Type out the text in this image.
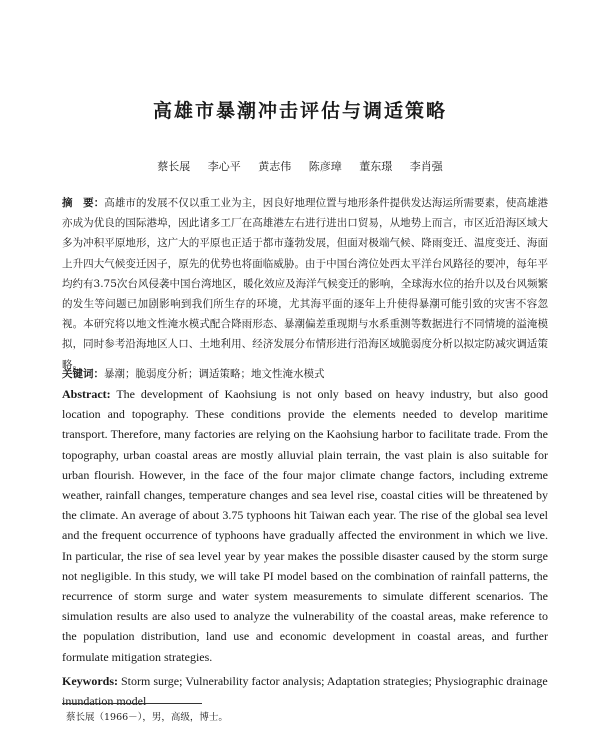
高雄市暴潮冲击评估与调适策略
蔡长展 李心平 黄志伟 陈彦璋 董东璟 李肖强
摘　要：高雄市的发展不仅以重工业为主，因良好地理位置与地形条件提供发达海运所需要素，使高雄港亦成为优良的国际港埠，因此诸多工厂在高雄港左右进行进出口贸易，从地势上而言，市区近沿海区域大多为冲积平原地形，这广大的平原也正适于都市蓬勃发展，但面对极端气候、降雨变迁、温度变迁、海面上升四大气候变迁因子，原先的优势也将面临威胁。由于中国台湾位处西太平洋台风路径的要冲，每年平均约有3.75次台风侵袭中国台湾地区，暖化效应及海洋气候变迁的影响，全球海水位的抬升以及台风频繁的发生等问题已加剧影响到我们所生存的环境，尤其海平面的逐年上升使得暴潮可能引致的灾害不容忽视。本研究将以地文性淹水模式配合降雨形态、暴潮偏差重现期与水系重测等数据进行不同情境的溢淹模拟，同时参考沿海地区人口、土地利用、经济发展分布情形进行沿海区域脆弱度分析以拟定防减灾调适策略。
关键词：暴潮；脆弱度分析；调适策略；地文性淹水模式
Abstract: The development of Kaohsiung is not only based on heavy industry, but also good location and topography. These conditions provide the elements needed to develop maritime transport. Therefore, many factories are relying on the Kaohsiung harbor to facilitate trade. From the topography, urban coastal areas are mostly alluvial plain terrain, the vast plain is also suitable for urban flourish. However, in the face of the four major climate change factors, including extreme weather, rainfall changes, temperature changes and sea level rise, coastal cities will be threatened by the climate. An average of about 3.75 typhoons hit Taiwan each year. The rise of the global sea level and the frequent occurrence of typhoons have gradually affected the environment in which we live. In particular, the rise of sea level year by year makes the possible disaster caused by the storm surge not negligible. In this study, we will take PI model based on the combination of rainfall patterns, the recurrence of storm surge and water system measurements to simulate different scenarios. The simulation results are also used to analyze the vulnerability of the coastal areas, make reference to the population distribution, land use and economic development in coastal areas, and further formulate mitigation strategies.
Keywords: Storm surge; Vulnerability factor analysis; Adaptation strategies; Physiographic drainage inundation model
蔡长展（1966－），男，高级，博士。
